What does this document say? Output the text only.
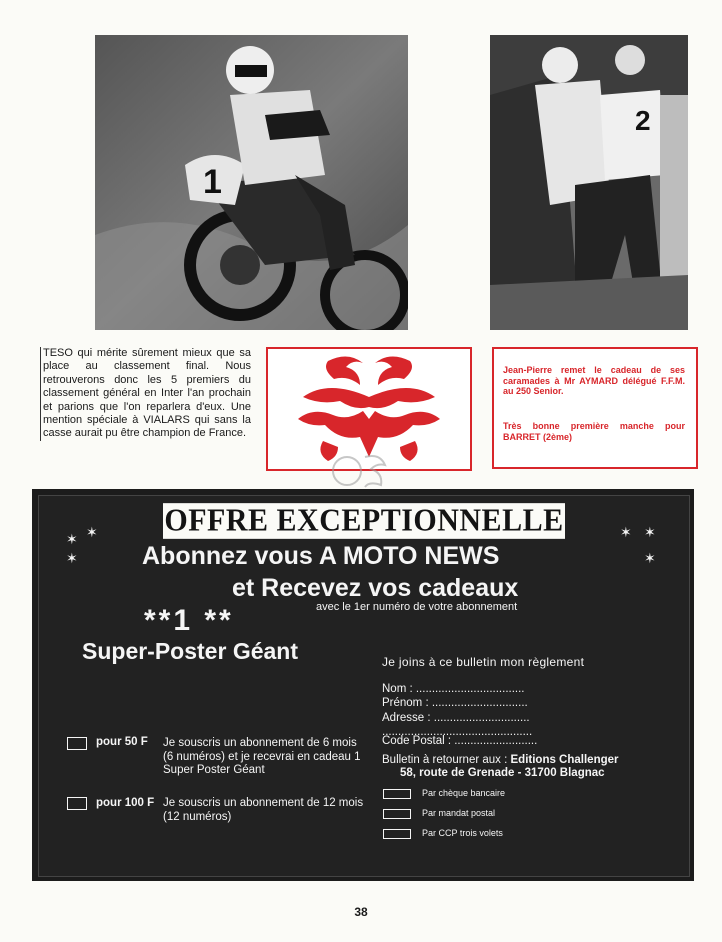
1
2
TESO qui mérite sûrement mieux que sa place au classement final. Nous retrouverons donc les 5 premiers du classement général en Inter l'an prochain et parions que l'on reparlera d'eux. Une mention spéciale à VIALARS qui sans la casse aurait pu être champion de France.
Jean-Pierre remet le cadeau de ses caramades à Mr AYMARD délégué F.F.M. au 250 Senior.
Très bonne première manche pour BARRET (2ème)
OFFRE EXCEPTIONNELLE
✶ ✶
✶
✶ ✶
✶
Abonnez vous A MOTO NEWS
et Recevez vos cadeaux
avec le 1er numéro de votre abonnement
**1 **
Super-Poster Géant	Je joins à ce bulletin mon règlement
Nom : ..................................
Prénom : ..............................
Adresse : ..............................
...............................................
Code Postal : ..........................
pour 50 F Je souscris un abonnement de 6 mois (6 numéros) et je recevrai en cadeau 1 Super Poster Géant
pour 100 F Je souscris un abonnement de 12 mois (12 numéros)
Bulletin à retourner aux : Editions Challenger
58, route de Grenade - 31700 Blagnac
Par chèque bancaire
Par mandat postal
Par CCP trois volets
38
